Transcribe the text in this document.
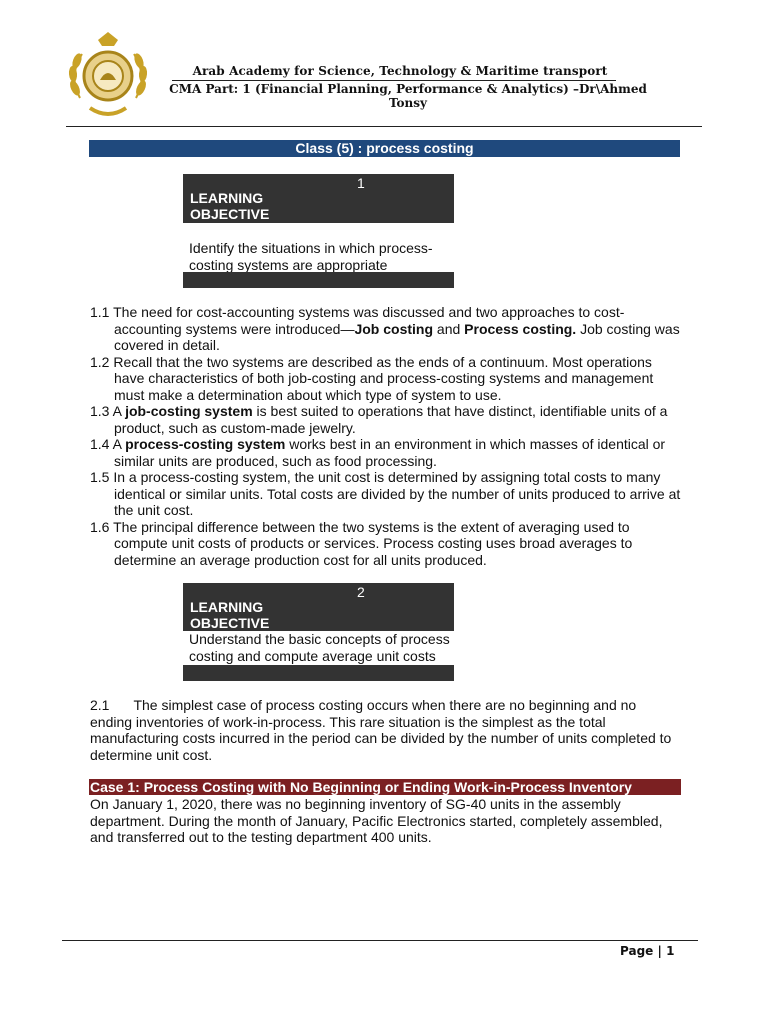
Arab Academy for Science, Technology & Maritime transport
CMA Part: 1 (Financial Planning, Performance & Analytics) –Dr\Ahmed Tonsy
Class (5) : process costing
1
LEARNING
OBJECTIVE
Identify the situations in which process-costing systems are appropriate

1.1 The need for cost-accounting systems was discussed and two approaches to cost-accounting systems were introduced—Job costing and Process costing. Job costing was covered in detail.

1.2 Recall that the two systems are described as the ends of a continuum. Most operations have characteristics of both job-costing and process-costing systems and management must make a determination about which type of system to use.

1.3 A job-costing system is best suited to operations that have distinct, identifiable units of a product, such as custom-made jewelry.

1.4 A process-costing system works best in an environment in which masses of identical or similar units are produced, such as food processing.

1.5 In a process-costing system, the unit cost is determined by assigning total costs to many identical or similar units. Total costs are divided by the number of units produced to arrive at the unit cost.

1.6 The principal difference between the two systems is the extent of averaging used to compute unit costs of products or services. Process costing uses broad averages to determine an average production cost for all units produced.

2
LEARNING
OBJECTIVE
Understand the basic concepts of process costing and compute average unit costs
2.1 The simplest case of process costing occurs when there are no beginning and no ending inventories of work-in-process. This rare situation is the simplest as the total manufacturing costs incurred in the period can be divided by the number of units completed to determine unit cost.
Case 1: Process Costing with No Beginning or Ending Work-in-Process Inventory
On January 1, 2020, there was no beginning inventory of SG-40 units in the assembly department. During the month of January, Pacific Electronics started, completely assembled, and transferred out to the testing department 400 units.
Page | 1
